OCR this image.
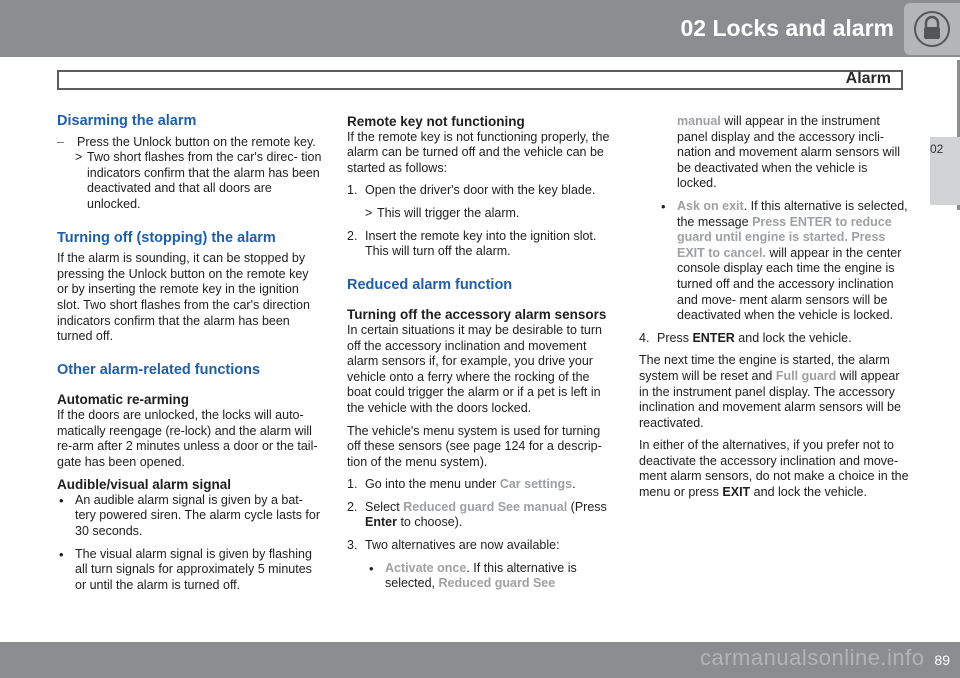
02 Locks and alarm
Alarm
02
Disarming the alarm

– Press the Unlock button on the remote key.

> Two short flashes from the car's direc- tion indicators confirm that the alarm has been deactivated and that all doors are unlocked.

Turning off (stopping) the alarm

If the alarm is sounding, it can be stopped by pressing the Unlock button on the remote key or by inserting the remote key in the ignition slot. Two short flashes from the car's direction indicators confirm that the alarm has been turned off.

Other alarm-related functions
Automatic re-arming

If the doors are unlocked, the locks will auto- matically reengage (re-lock) and the alarm will re-arm after 2 minutes unless a door or the tail- gate has been opened.

Audible/visual alarm signal

• An audible alarm signal is given by a bat- tery powered siren. The alarm cycle lasts for 30 seconds.

• The visual alarm signal is given by flashing all turn signals for approximately 5 minutes or until the alarm is turned off.

Remote key not functioning

If the remote key is not functioning properly, the alarm can be turned off and the vehicle can be started as follows:

1. Open the driver's door with the key blade.

> This will trigger the alarm.

2. Insert the remote key into the ignition slot. This will turn off the alarm.

Reduced alarm function
Turning off the accessory alarm sensors

In certain situations it may be desirable to turn off the accessory inclination and movement alarm sensors if, for example, you drive your vehicle onto a ferry where the rocking of the boat could trigger the alarm or if a pet is left in the vehicle with the doors locked.

The vehicle's menu system is used for turning off these sensors (see page 124 for a descrip- tion of the menu system).

1. Go into the menu under Car settings.

2. Select Reduced guard See manual (Press Enter to choose).

3. Two alternatives are now available:

• Activate once. If this alternative is selected, Reduced guard See

manual will appear in the instrument panel display and the accessory incli- nation and movement alarm sensors will be deactivated when the vehicle is locked.

• Ask on exit. If this alternative is selected, the message Press ENTER to reduce guard until engine is started. Press EXIT to cancel. will appear in the center console display each time the engine is turned off and the accessory inclination and move- ment alarm sensors will be deactivated when the vehicle is locked.

4. Press ENTER and lock the vehicle.

The next time the engine is started, the alarm system will be reset and Full guard will appear in the instrument panel display. The accessory inclination and movement alarm sensors will be reactivated.

In either of the alternatives, if you prefer not to deactivate the accessory inclination and move- ment alarm sensors, do not make a choice in the menu or press EXIT and lock the vehicle.

carmanualsonline.info 89
